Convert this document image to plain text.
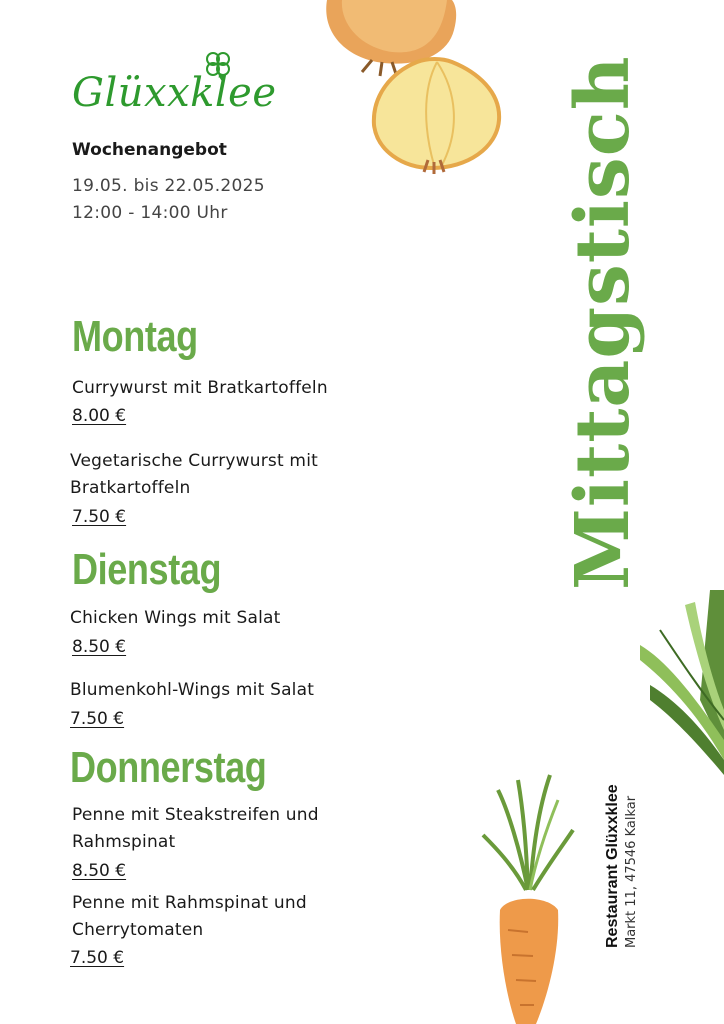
Glüxxklee
Wochenangebot
19.05. bis 22.05.2025
12:00 - 14:00 Uhr	Mittagstisch
Montag
Currywurst mit Bratkartoffeln
8.00 €
Vegetarische Currywurst mit
Bratkartoffeln
7.50 €
Dienstag
Chicken Wings mit Salat
8.50 €
Blumenkohl-Wings mit Salat
7.50 €
Donnerstag
Penne mit Steakstreifen und
Rahmspinat
8.50 €
Penne mit Rahmspinat und
Cherrytomaten
7.50 €
Restaurant Glüxxklee Markt 11, 47546 Kalkar
